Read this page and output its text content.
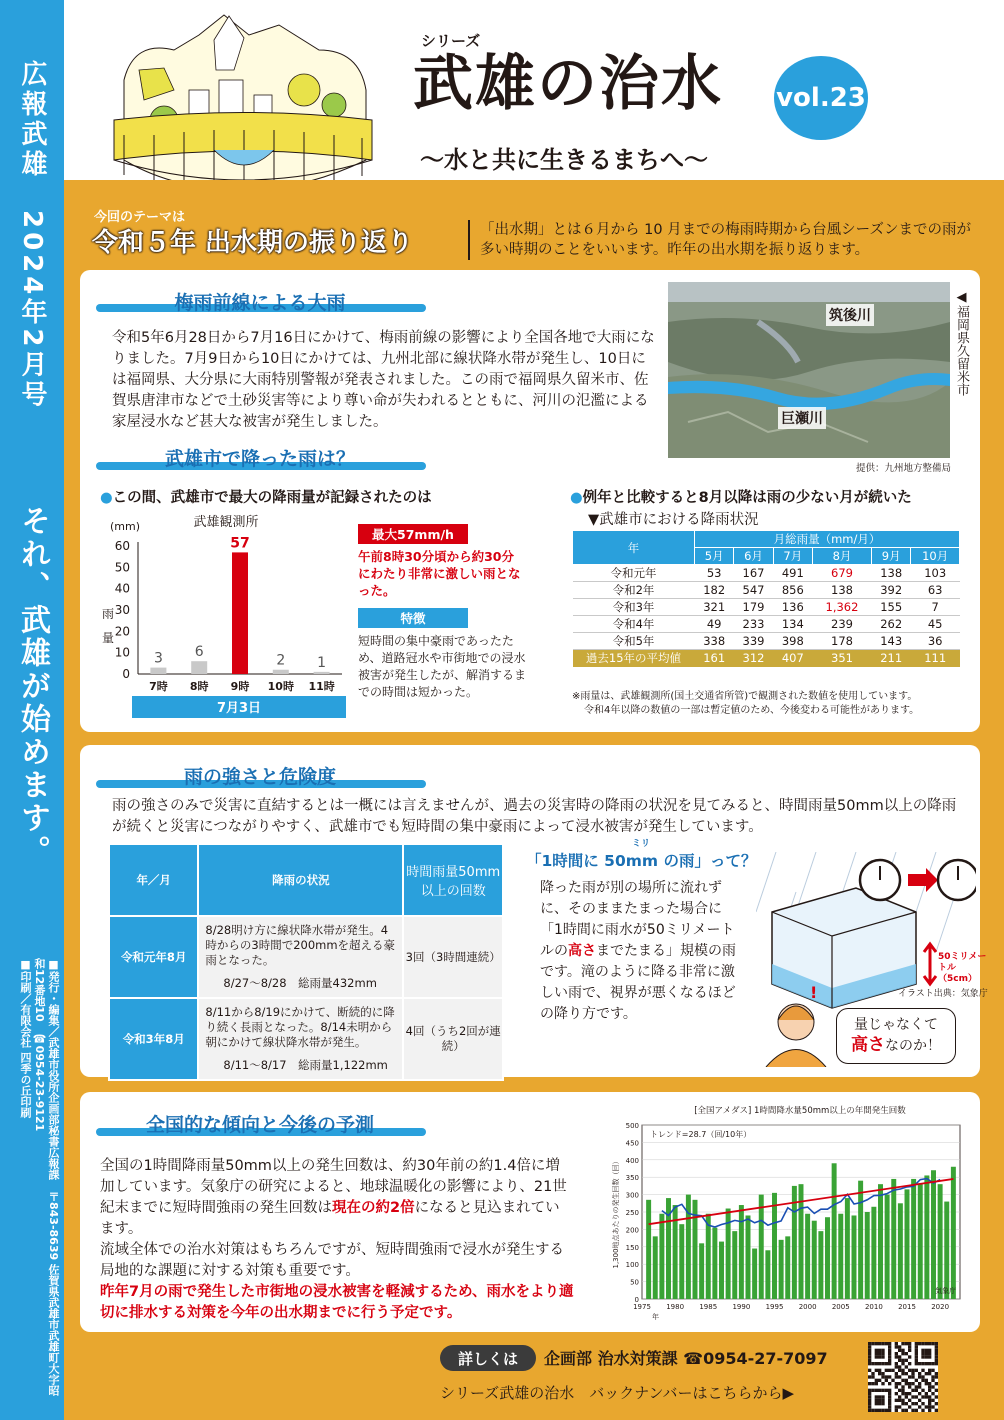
広報武雄　2024年2月号
それ、武雄が始めます。
■発行・編集／武雄市役所企画部秘書広報課　〒843-8639 佐賀県武雄市武雄町大字昭和12番地10　☎0954-23-9121
■印刷／有限会社 四季の丘印刷
シリーズ
武雄の治水 vol.23
〜水と共に生きるまちへ〜
今回のテーマは
令和５年 出水期の振り返り	「出水期」とは６月から 10 月までの梅雨時期から台風シーズンまでの雨が多い時期のことをいいます。昨年の出水期を振り返ります。
梅雨前線による大雨
令和5年6月28日から7月16日にかけて、梅雨前線の影響により全国各地で大雨になりました。7月9日から10日にかけては、九州北部に線状降水帯が発生し、10日には福岡県、大分県に大雨特別警報が発表されました。この雨で福岡県久留米市、佐賀県唐津市などで土砂災害等により尊い命が失われるとともに、河川の氾濫による家屋浸水など甚大な被害が発生しました。
筑後川
巨瀬川
◀福岡県久留米市
提供：九州地方整備局
武雄市で降った雨は？
●この間、武雄市で最大の降雨量が記録されたのは	●例年と比較すると8月以降は雨の少ない月が続いた
武雄観測所
(mm)
雨
量
0
10
20
30
40
50
60
3
7時
6
8時
57
9時
2
10時
1
11時
7月3日
最大57mm/h
午前8時30分頃から約30分にわたり非常に激しい雨となった。
特徴
短時間の集中豪雨であったため、道路冠水や市街地での浸水被害が発生したが、解消するまでの時間は短かった。
▼武雄市における降雨状況
年	月総雨量（mm/月）					
	5月	6月	7月	8月	9月	10月
令和元年	53	167	491	679	138	103
令和2年	182	547	856	138	392	63
令和3年	321	179	136	1,362	155	7
令和4年	49	233	134	239	262	45
令和5年	338	339	398	178	143	36
過去15年の平均値	161	312	407	351	211	111
※雨量は、武雄観測所(国土交通省所管)で観測された数値を使用しています。
令和4年以降の数値の一部は暫定値のため、今後変わる可能性があります。
雨の強さと危険度
雨の強さのみで災害に直結するとは一概には言えませんが、過去の災害時の降雨の状況を見てみると、時間雨量50mm以上の降雨が続くと災害につながりやすく、武雄市でも短時間の集中豪雨によって浸水被害が発生しています。
年／月	降雨の状況	時間雨量50mm 以上の回数
令和元年8月	8/28明け方に線状降水帯が発生。4時からの3時間で200mmを超える豪雨となった。
8/27〜8/28　総雨量432mm	3回（3時間連続）
令和3年8月	8/11から8/19にかけて、断続的に降り続く長雨となった。8/14未明から朝にかけて線状降水帯が発生。
8/11〜8/17　総雨量1,122mm	4回（うち2回が連続）
「1時間に 50mm の雨」って？
ミリ
降った雨が別の場所に流れずに、そのままたまった場合に「1時間に雨水が50ミリメートルの高さまでたまる」規模の雨です。滝のように降る非常に激しい雨で、視界が悪くなるほどの降り方です。
!
50ミリメートル（5cm）
イラスト出典：気象庁
量じゃなくて
高さなのか！
全国的な傾向と今後の予測
全国の1時間降雨量50mm以上の発生回数は、約30年前の約1.4倍に増加しています。気象庁の研究によると、地球温暖化の影響により、21世紀末までに短時間強雨の発生回数は現在の約2倍になると見込まれています。
流域全体での治水対策はもちろんですが、短時間強雨で浸水が発生する局地的な課題に対する対策も重要です。
昨年7月の雨で発生した市街地の浸水被害を軽減するため、雨水をより適切に排水する対策を今年の出水期までに行う予定です。
[全国アメダス] 1時間降水量50mm以上の年間発生回数
0
50
100
150
200
250
300
350
400
450
500
1,300地点あたりの発生回数（回）
トレンド=28.7（回/10年）
気象庁
1975 1980 1985 1990 1995 2000 2005 2010 2015 2020
年
詳しくは	企画部 治水対策課 ☎0954-27-7097
シリーズ武雄の治水　バックナンバーはこちらから▶
